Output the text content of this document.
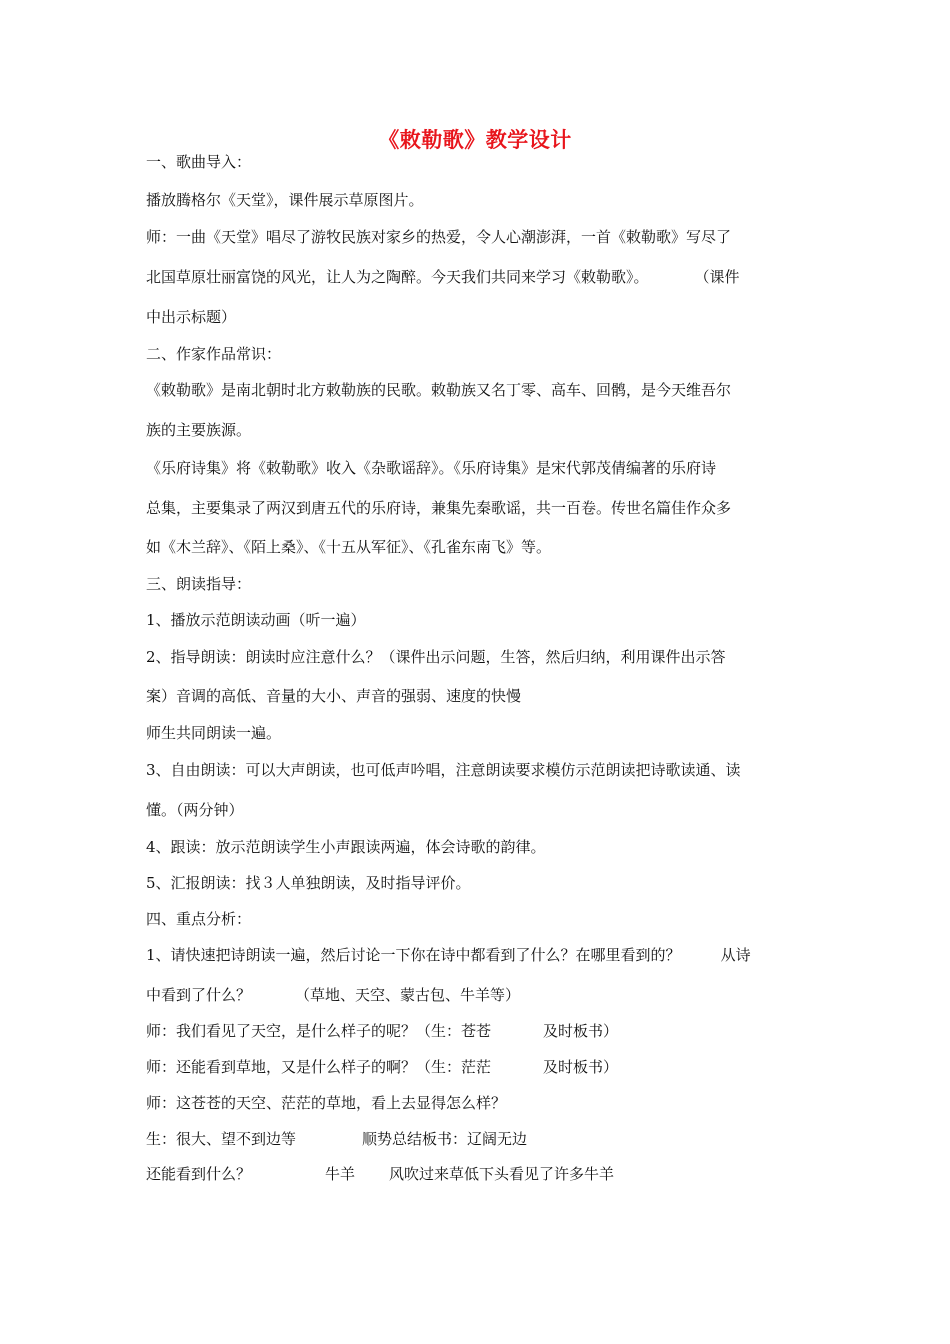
《敕勒歌》教学设计
一、歌曲导入：
播放腾格尔《天堂》，课件展示草原图片。
师：一曲《天堂》唱尽了游牧民族对家乡的热爱，令人心潮澎湃，一首《敕勒歌》写尽了
北国草原壮丽富饶的风光，让人为之陶醉。今天我们共同来学习《敕勒歌》。	（课件
中出示标题）
二、作家作品常识：
《敕勒歌》是南北朝时北方敕勒族的民歌。敕勒族又名丁零、高车、回鹘，是今天维吾尔
族的主要族源。
《乐府诗集》将《敕勒歌》收入《杂歌谣辞》。《乐府诗集》是宋代郭茂倩编著的乐府诗
总集，主要集录了两汉到唐五代的乐府诗，兼集先秦歌谣，共一百卷。传世名篇佳作众多
如《木兰辞》、《陌上桑》、《十五从军征》、《孔雀东南飞》等。
三、朗读指导：
1、播放示范朗读动画（听一遍）
2、指导朗读：朗读时应注意什么？（课件出示问题，生答，然后归纳，利用课件出示答
案）音调的高低、音量的大小、声音的强弱、速度的快慢
师生共同朗读一遍。
3、自由朗读：可以大声朗读，也可低声吟唱，注意朗读要求模仿示范朗读把诗歌读通、读
懂。（两分钟）
4、跟读：放示范朗读学生小声跟读两遍，体会诗歌的韵律。
5、汇报朗读：找３人单独朗读，及时指导评价。
四、重点分析：
1、请快速把诗朗读一遍，然后讨论一下你在诗中都看到了什么？在哪里看到的？	从诗
中看到了什么？	（草地、天空、蒙古包、牛羊等）
师：我们看见了天空，是什么样子的呢？（生：苍苍	及时板书）
师：还能看到草地，又是什么样子的啊？（生：茫茫	及时板书）
师：这苍苍的天空、茫茫的草地，看上去显得怎么样？
生：很大、望不到边等	顺势总结板书：辽阔无边
还能看到什么？	牛羊 风吹过来草低下头看见了许多牛羊
